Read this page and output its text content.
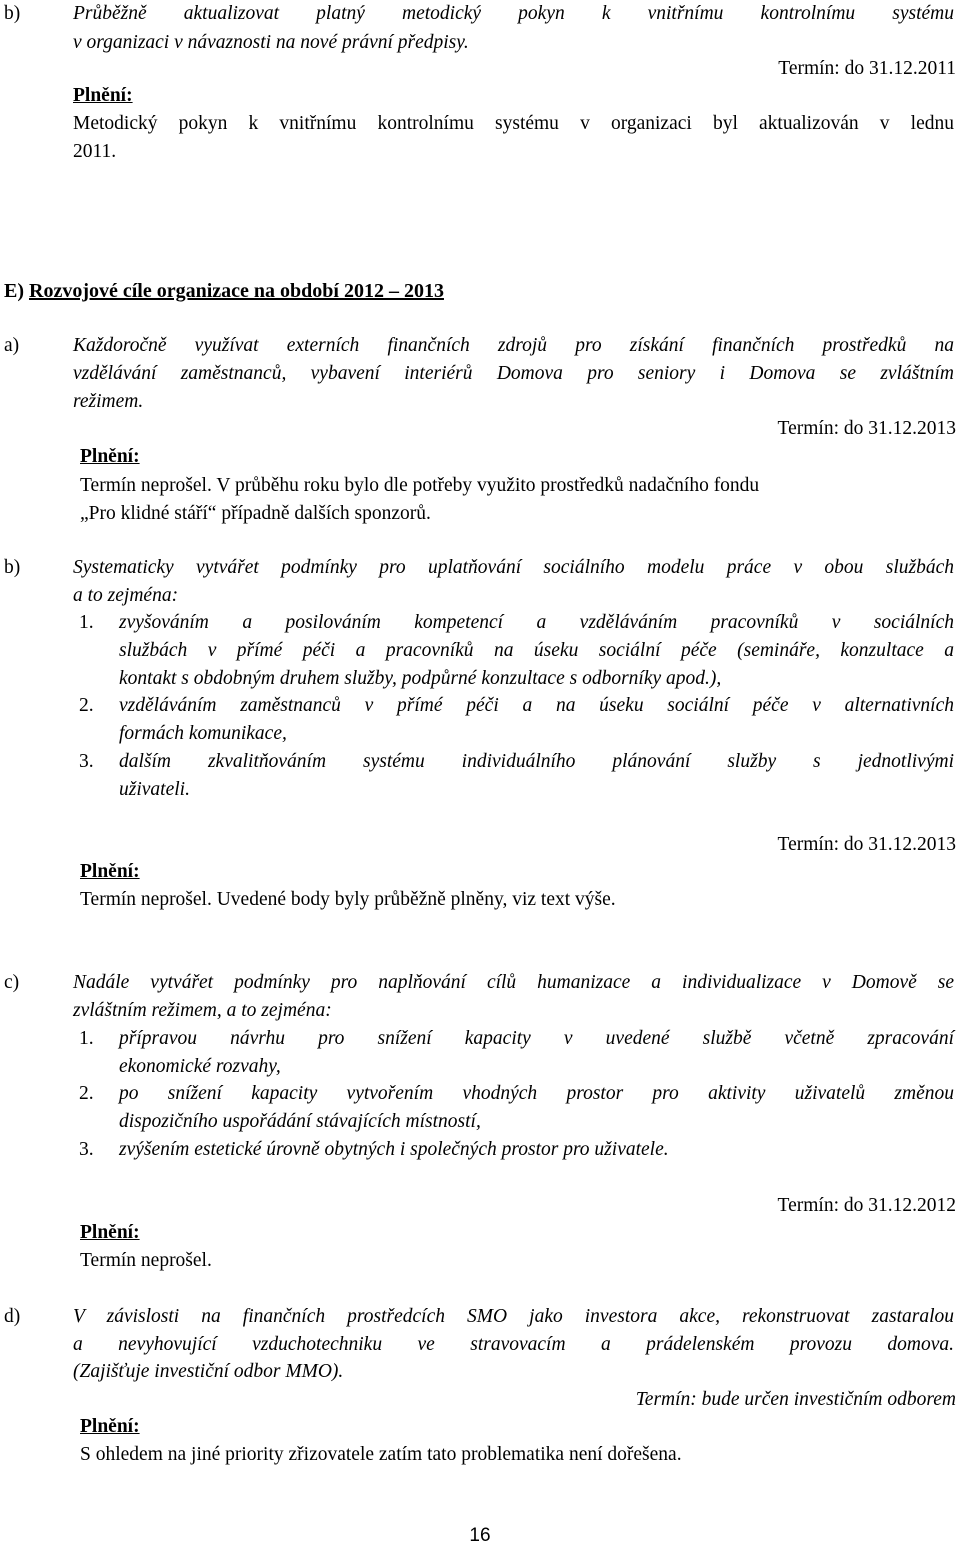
b)	Průběžně aktualizovat platný metodický pokyn k vnitřnímu kontrolnímu systému
v organizaci v návaznosti na nové právní předpisy.
Termín: do 31.12.2011
Plnění:
Metodický pokyn k vnitřnímu kontrolnímu systému v organizaci byl aktualizován v lednu
2011.
E) Rozvojové cíle organizace na období 2012 – 2013
a)	Každoročně využívat externích finančních zdrojů pro získání finančních prostředků na
vzdělávání zaměstnanců, vybavení interiérů Domova pro seniory i Domova se zvláštním
režimem.
Termín: do 31.12.2013
Plnění:
Termín neprošel. V průběhu roku bylo dle potřeby využito prostředků nadačního fondu
„Pro klidné stáří“ případně dalších sponzorů.
b)	Systematicky vytvářet podmínky pro uplatňování sociálního modelu práce v obou službách
a to zejména:
1. zvyšováním a posilováním kompetencí a vzděláváním pracovníků v sociálních
službách v přímé péči a pracovníků na úseku sociální péče (semináře, konzultace a
kontakt s obdobným druhem služby, podpůrné konzultace s odborníky apod.),
2. vzděláváním zaměstnanců v přímé péči a na úseku sociální péče v alternativních
formách komunikace,
3. dalším zkvalitňováním systému individuálního plánování služby s jednotlivými
uživateli.
Termín: do 31.12.2013
Plnění:
Termín neprošel. Uvedené body byly průběžně plněny, viz text výše.
c)	Nadále vytvářet podmínky pro naplňování cílů humanizace a individualizace v Domově se
zvláštním režimem, a to zejména:
1. přípravou návrhu pro snížení kapacity v uvedené službě včetně zpracování
ekonomické rozvahy,
2. po snížení kapacity vytvořením vhodných prostor pro aktivity uživatelů změnou
dispozičního uspořádání stávajících místností,
3. zvýšením estetické úrovně obytných i společných prostor pro uživatele.
Termín: do 31.12.2012
Plnění:
Termín neprošel.
d)	V závislosti na finančních prostředcích SMO jako investora akce, rekonstruovat zastaralou
a nevyhovující vzduchotechniku ve stravovacím a prádelenském provozu domova.
(Zajišťuje investiční odbor MMO).
Termín: bude určen investičním odborem
Plnění:
S ohledem na jiné priority zřizovatele zatím tato problematika není dořešena.
16
